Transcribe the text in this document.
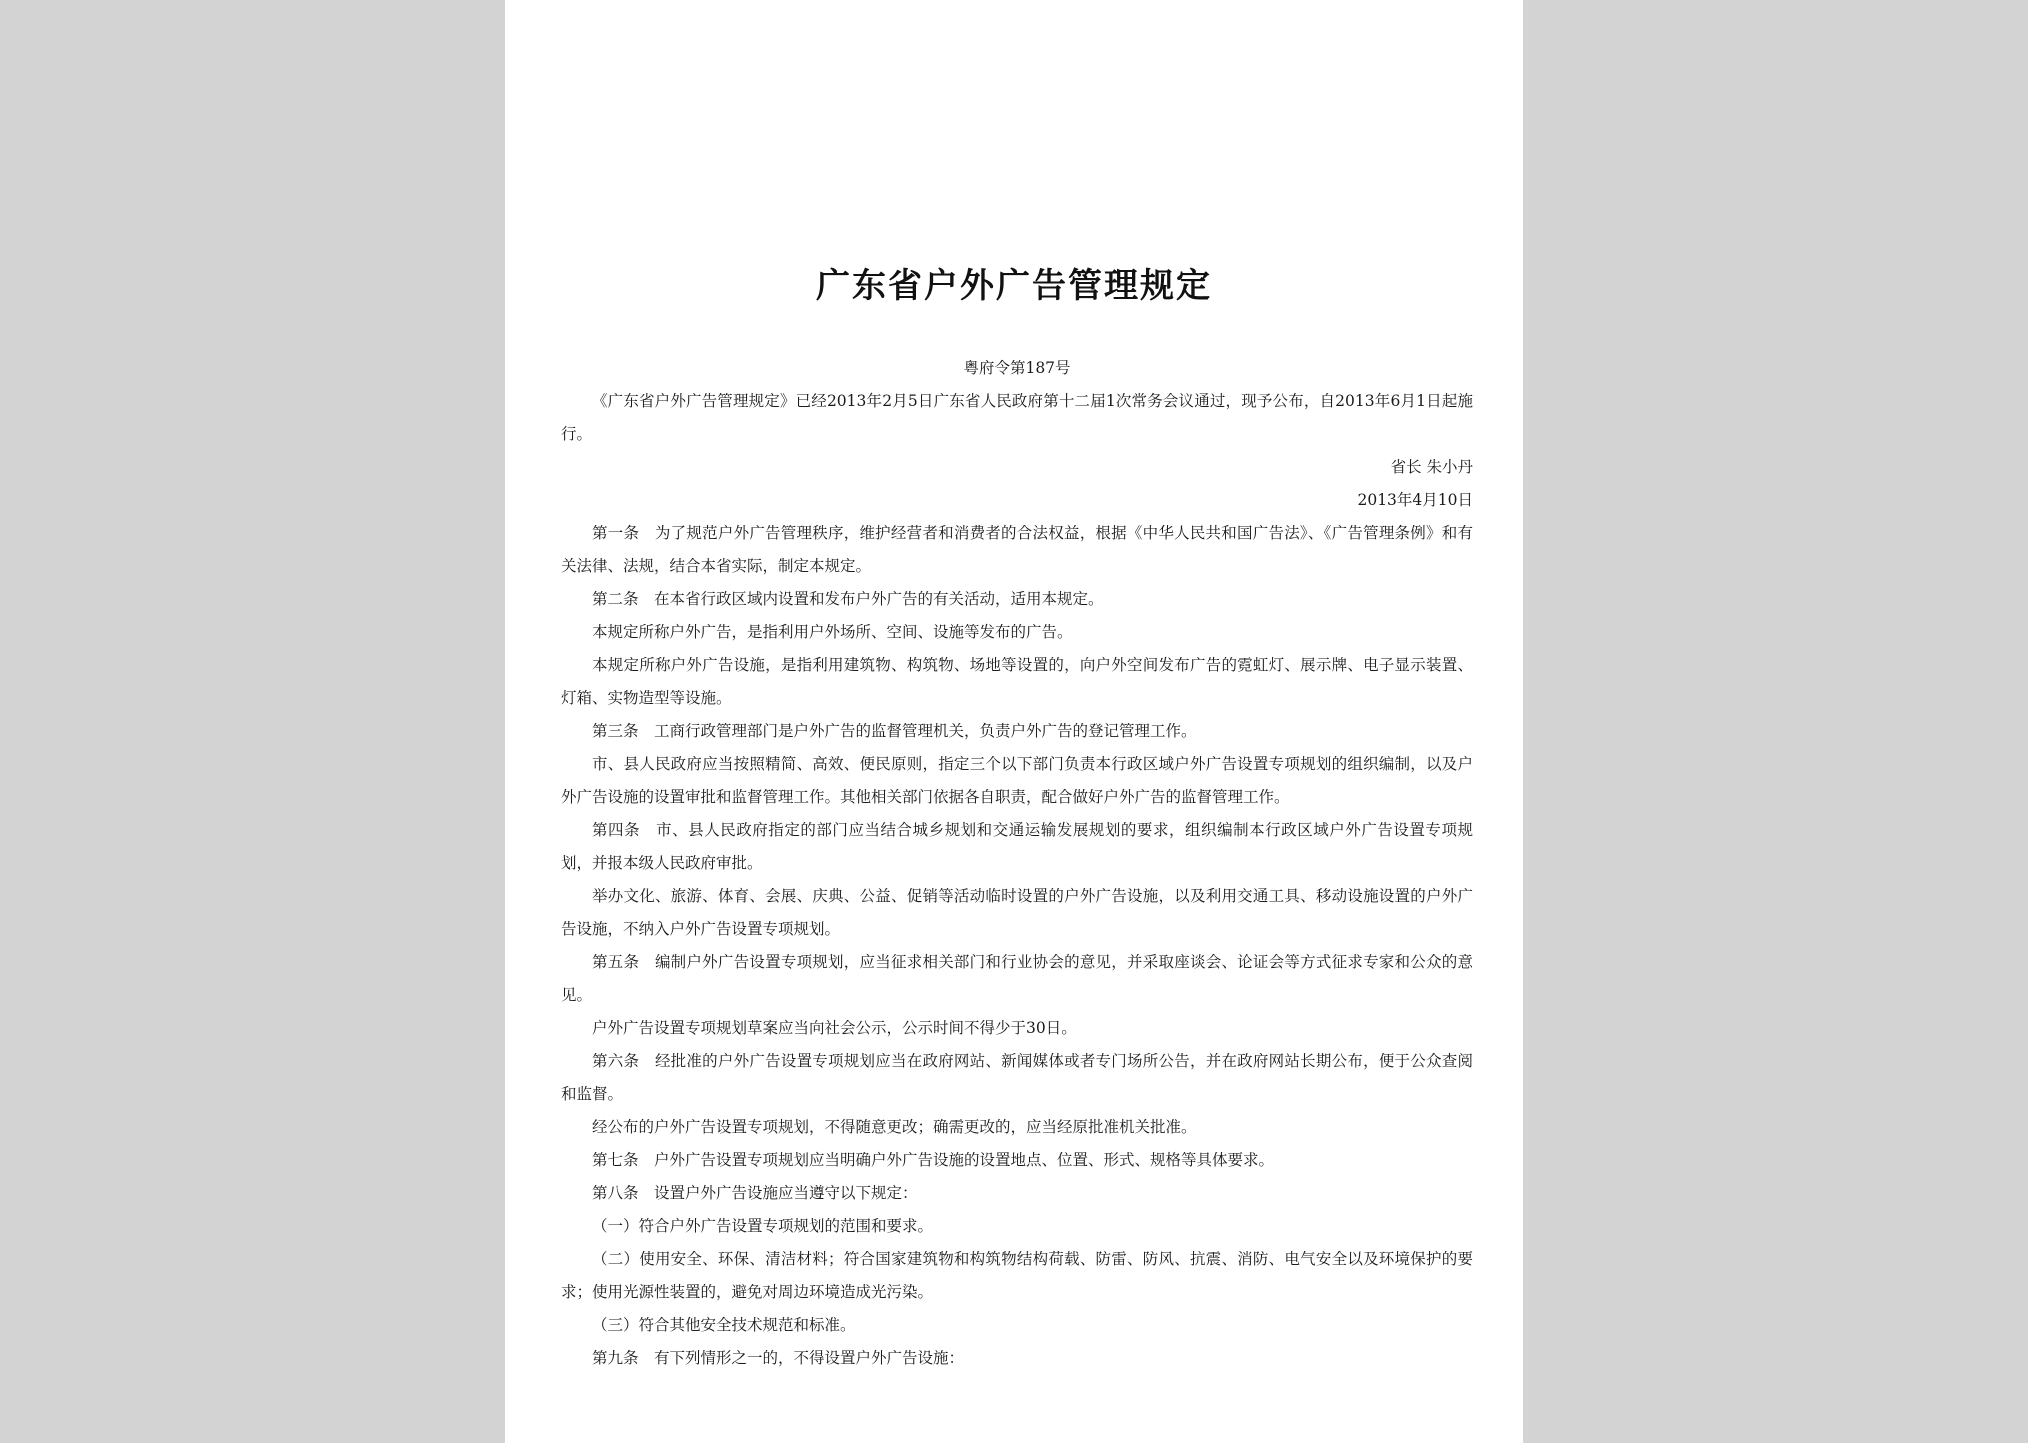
广东省户外广告管理规定

粤府令第187号

《广东省户外广告管理规定》已经2013年2月5日广东省人民政府第十二届1次常务会议通过，现予公布，自2013年6月1日起施行。

省长 朱小丹

2013年4月10日

第一条　为了规范户外广告管理秩序，维护经营者和消费者的合法权益，根据《中华人民共和国广告法》、《广告管理条例》和有关法律、法规，结合本省实际，制定本规定。

第二条　在本省行政区域内设置和发布户外广告的有关活动，适用本规定。

本规定所称户外广告，是指利用户外场所、空间、设施等发布的广告。

本规定所称户外广告设施，是指利用建筑物、构筑物、场地等设置的，向户外空间发布广告的霓虹灯、展示牌、电子显示装置、灯箱、实物造型等设施。

第三条　工商行政管理部门是户外广告的监督管理机关，负责户外广告的登记管理工作。

市、县人民政府应当按照精简、高效、便民原则，指定三个以下部门负责本行政区域户外广告设置专项规划的组织编制，以及户外广告设施的设置审批和监督管理工作。其他相关部门依据各自职责，配合做好户外广告的监督管理工作。

第四条　市、县人民政府指定的部门应当结合城乡规划和交通运输发展规划的要求，组织编制本行政区域户外广告设置专项规划，并报本级人民政府审批。

举办文化、旅游、体育、会展、庆典、公益、促销等活动临时设置的户外广告设施，以及利用交通工具、移动设施设置的户外广告设施，不纳入户外广告设置专项规划。

第五条　编制户外广告设置专项规划，应当征求相关部门和行业协会的意见，并采取座谈会、论证会等方式征求专家和公众的意见。

户外广告设置专项规划草案应当向社会公示，公示时间不得少于30日。

第六条　经批准的户外广告设置专项规划应当在政府网站、新闻媒体或者专门场所公告，并在政府网站长期公布，便于公众查阅和监督。

经公布的户外广告设置专项规划，不得随意更改；确需更改的，应当经原批准机关批准。

第七条　户外广告设置专项规划应当明确户外广告设施的设置地点、位置、形式、规格等具体要求。

第八条　设置户外广告设施应当遵守以下规定：

（一）符合户外广告设置专项规划的范围和要求。

（二）使用安全、环保、清洁材料；符合国家建筑物和构筑物结构荷载、防雷、防风、抗震、消防、电气安全以及环境保护的要求；使用光源性装置的，避免对周边环境造成光污染。

（三）符合其他安全技术规范和标准。

第九条　有下列情形之一的，不得设置户外广告设施：
